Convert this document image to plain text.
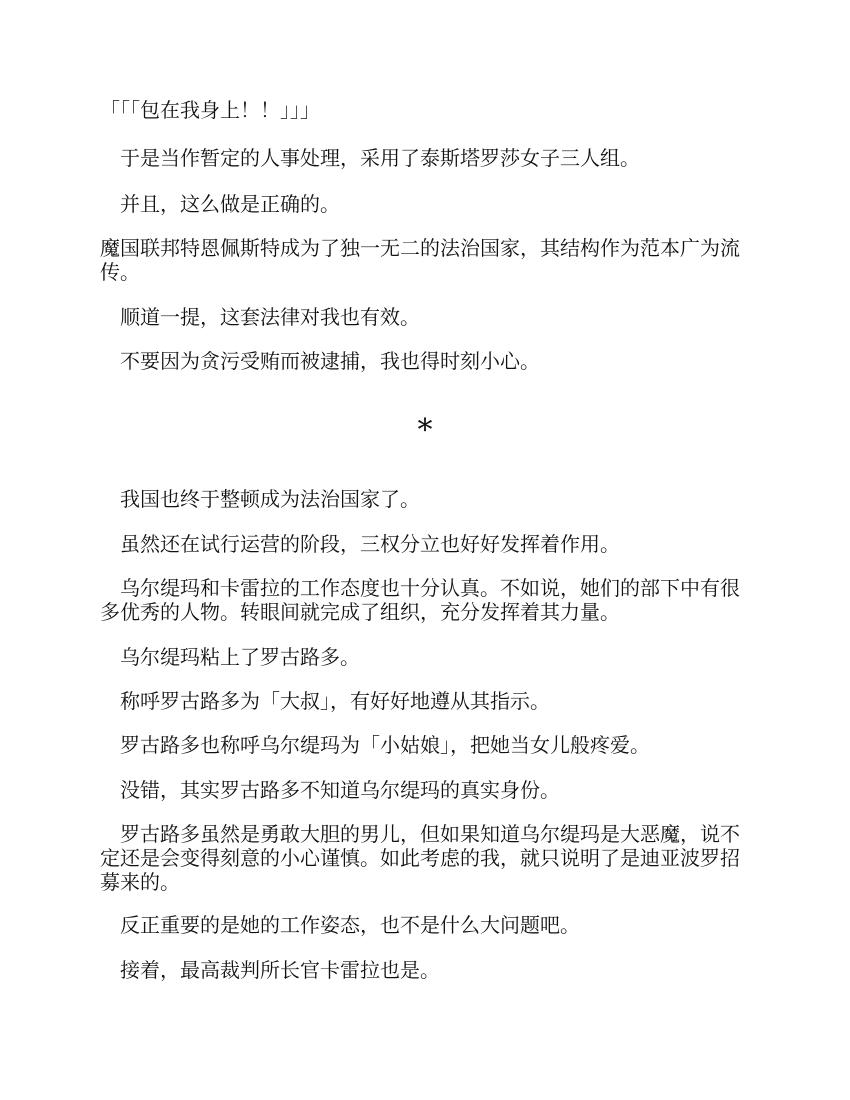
「「「包在我身上！！」」」

　于是当作暂定的人事处理，采用了泰斯塔罗莎女子三人组。

　并且，这么做是正确的。

魔国联邦特恩佩斯特成为了独一无二的法治国家，其结构作为范本广为流传。

　顺道一提，这套法律对我也有效。

　不要因为贪污受贿而被逮捕，我也得时刻小心。

*

　我国也终于整顿成为法治国家了。

　虽然还在试行运营的阶段，三权分立也好好发挥着作用。

　乌尔缇玛和卡雷拉的工作态度也十分认真。不如说，她们的部下中有很多优秀的人物。转眼间就完成了组织，充分发挥着其力量。

　乌尔缇玛粘上了罗古路多。

　称呼罗古路多为「大叔」，有好好地遵从其指示。

　罗古路多也称呼乌尔缇玛为「小姑娘」，把她当女儿般疼爱。

　没错，其实罗古路多不知道乌尔缇玛的真实身份。

　罗古路多虽然是勇敢大胆的男儿，但如果知道乌尔缇玛是大恶魔，说不定还是会变得刻意的小心谨慎。如此考虑的我，就只说明了是迪亚波罗招募来的。

　反正重要的是她的工作姿态，也不是什么大问题吧。

　接着，最高裁判所长官卡雷拉也是。
